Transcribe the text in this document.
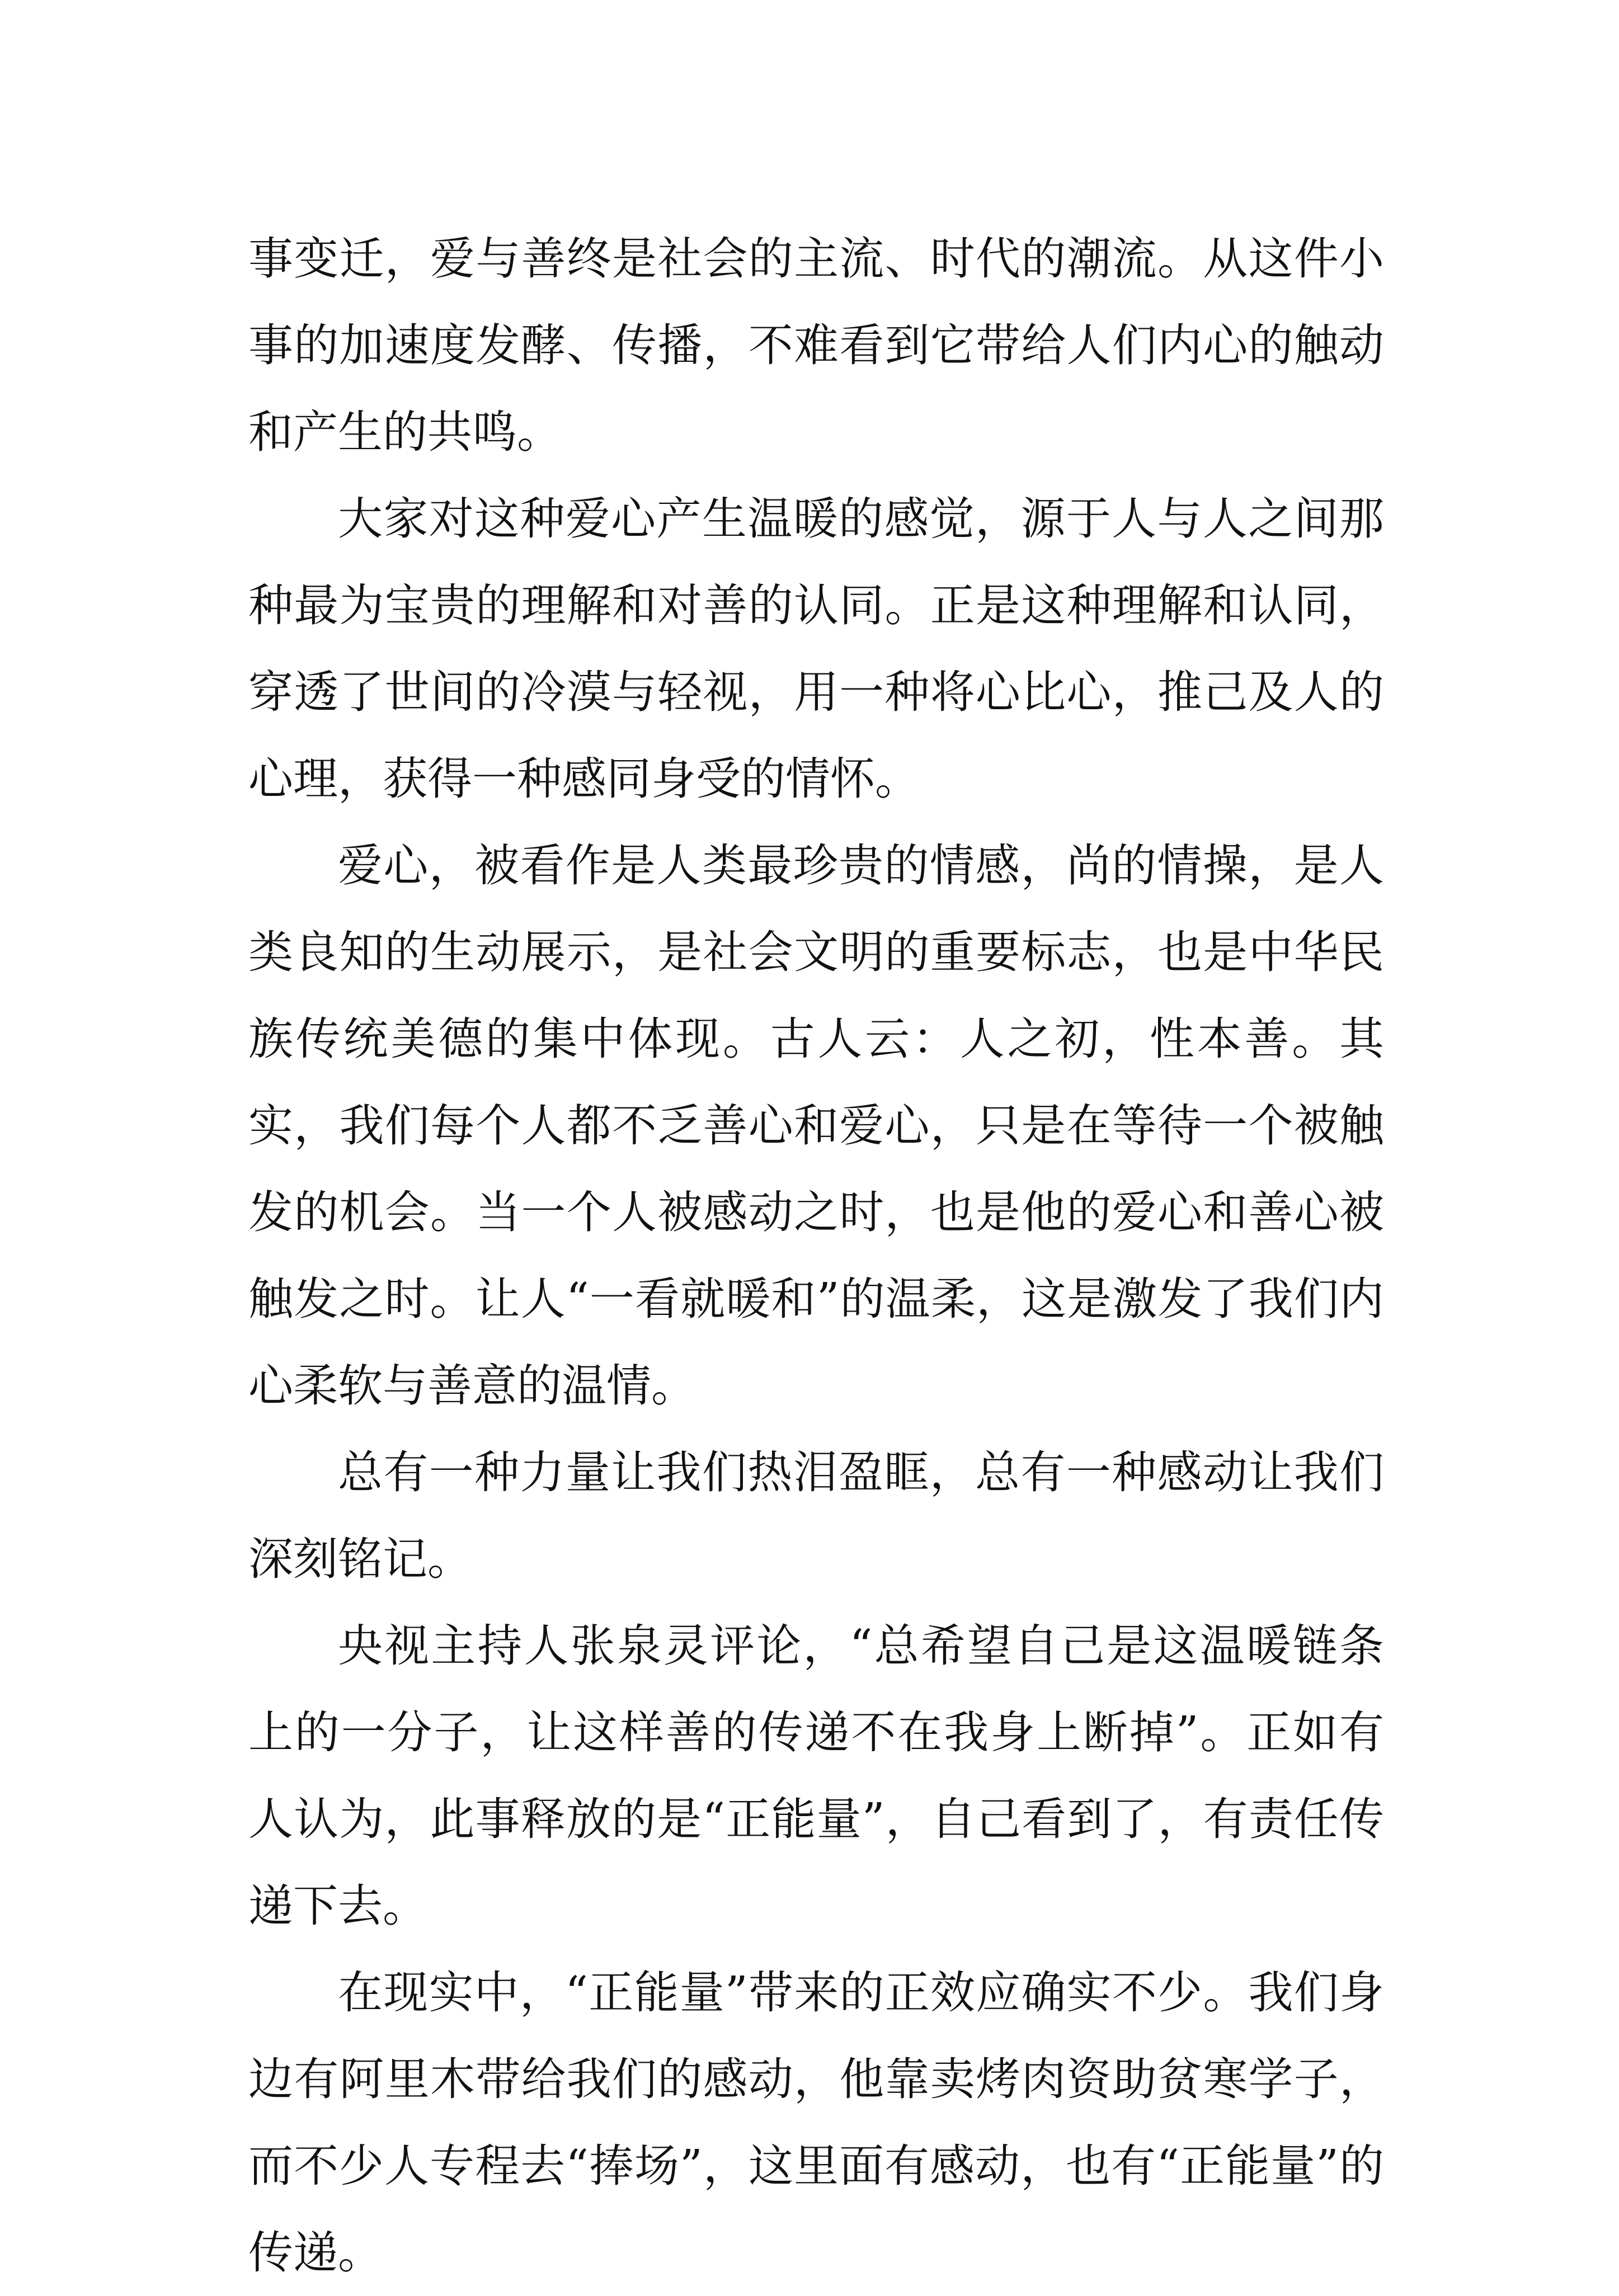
事变迁，爱与善终是社会的主流、时代的潮流。从这件小事的加速度发酵、传播，不难看到它带给人们内心的触动和产生的共鸣。

大家对这种爱心产生温暖的感觉，源于人与人之间那种最为宝贵的理解和对善的认同。正是这种理解和认同，穿透了世间的冷漠与轻视，用一种将心比心，推己及人的心理，获得一种感同身受的情怀。

爱心，被看作是人类最珍贵的情感，尚的情操，是人类良知的生动展示，是社会文明的重要标志，也是中华民族传统美德的集中体现。古人云：人之初，性本善。其实，我们每个人都不乏善心和爱心，只是在等待一个被触发的机会。当一个人被感动之时，也是他的爱心和善心被触发之时。让人“一看就暖和”的温柔，这是激发了我们内心柔软与善意的温情。

总有一种力量让我们热泪盈眶，总有一种感动让我们深刻铭记。

央视主持人张泉灵评论，“总希望自己是这温暖链条上的一分子，让这样善的传递不在我身上断掉”。正如有人认为，此事释放的是“正能量”，自己看到了，有责任传递下去。

在现实中，“正能量”带来的正效应确实不少。我们身边有阿里木带给我们的感动，他靠卖烤肉资助贫寒学子，而不少人专程去“捧场”，这里面有感动，也有“正能量”的传递。
